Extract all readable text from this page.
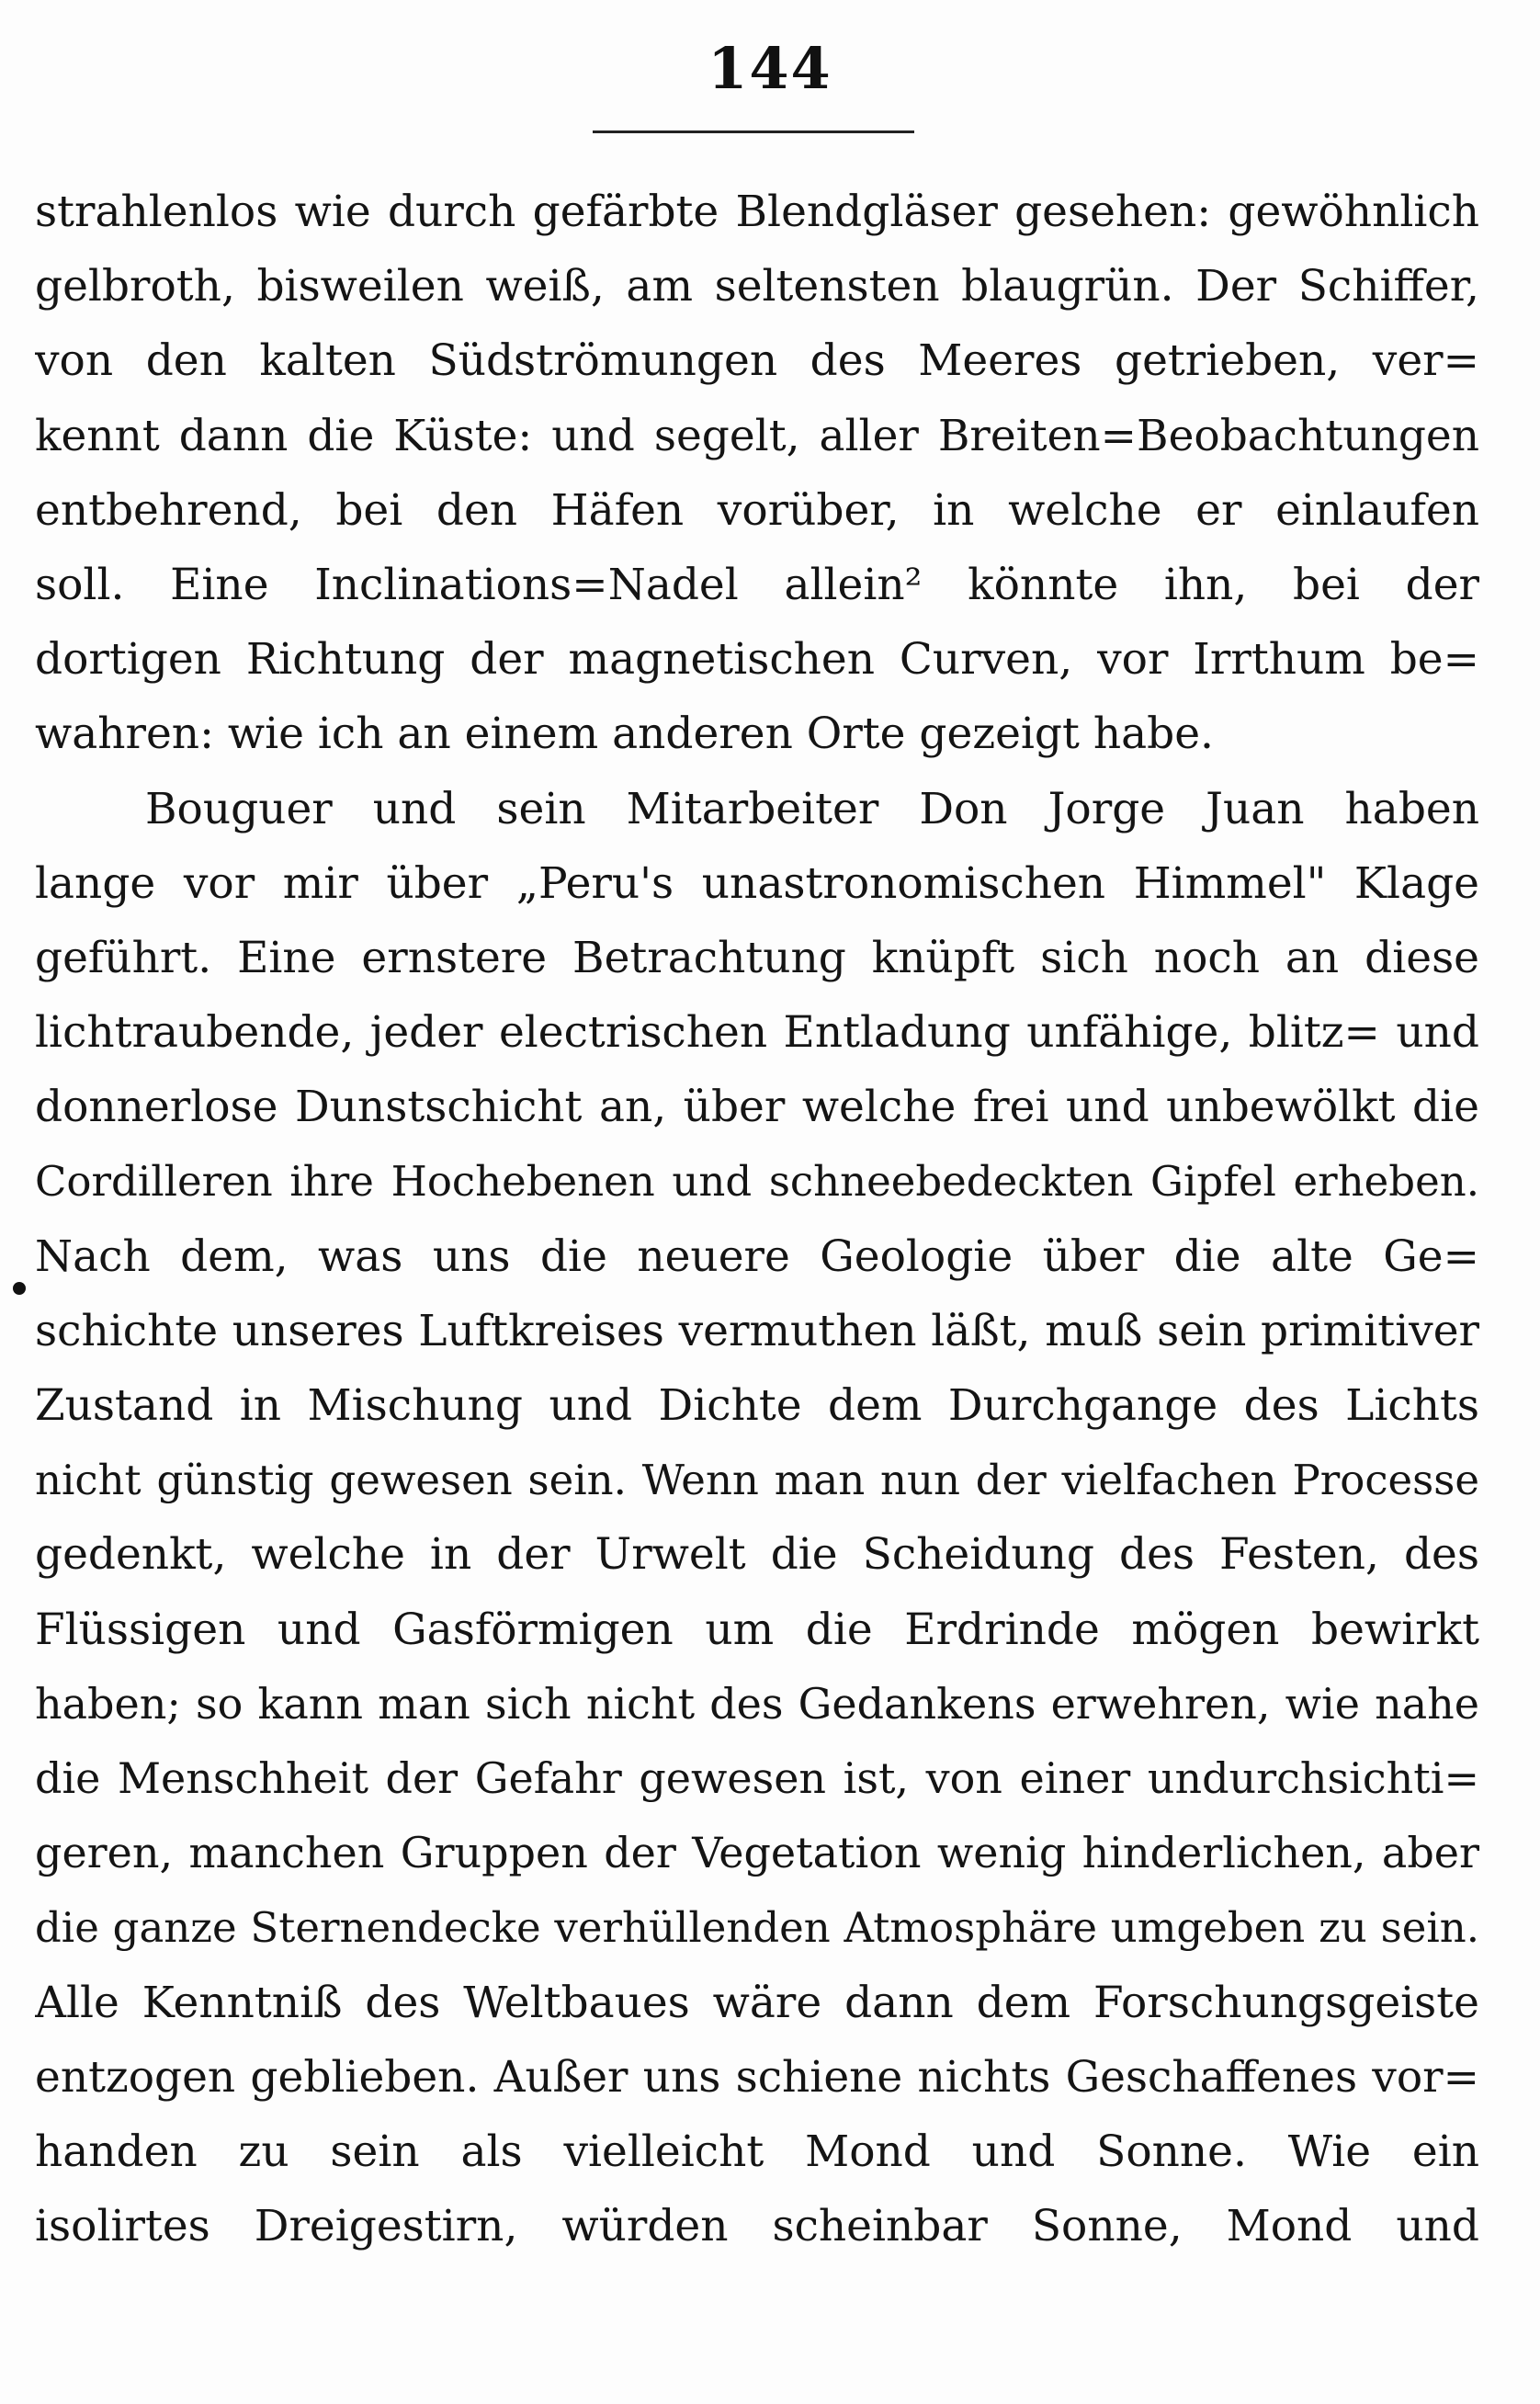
144
strahlenlos wie durch gefärbte Blendgläser gesehen: gewöhnlich
gelbroth, bisweilen weiß, am seltensten blaugrün. Der Schiffer,
von den kalten Südströmungen des Meeres getrieben, ver=
kennt dann die Küste: und segelt, aller Breiten=Beobachtungen
entbehrend, bei den Häfen vorüber, in welche er einlaufen
soll. Eine Inclinations=Nadel allein² könnte ihn, bei der
dortigen Richtung der magnetischen Curven, vor Irrthum be=
wahren: wie ich an einem anderen Orte gezeigt habe.
Bouguer und sein Mitarbeiter Don Jorge Juan haben
lange vor mir über „Peru's unastronomischen Himmel" Klage
geführt. Eine ernstere Betrachtung knüpft sich noch an diese
lichtraubende, jeder electrischen Entladung unfähige, blitz= und
donnerlose Dunstschicht an, über welche frei und unbewölkt die
Cordilleren ihre Hochebenen und schneebedeckten Gipfel erheben.
Nach dem, was uns die neuere Geologie über die alte Ge=
schichte unseres Luftkreises vermuthen läßt, muß sein primitiver
Zustand in Mischung und Dichte dem Durchgange des Lichts
nicht günstig gewesen sein. Wenn man nun der vielfachen Processe
gedenkt, welche in der Urwelt die Scheidung des Festen, des
Flüssigen und Gasförmigen um die Erdrinde mögen bewirkt
haben; so kann man sich nicht des Gedankens erwehren, wie nahe
die Menschheit der Gefahr gewesen ist, von einer undurchsichti=
geren, manchen Gruppen der Vegetation wenig hinderlichen, aber
die ganze Sternendecke verhüllenden Atmosphäre umgeben zu sein.
Alle Kenntniß des Weltbaues wäre dann dem Forschungsgeiste
entzogen geblieben. Außer uns schiene nichts Geschaffenes vor=
handen zu sein als vielleicht Mond und Sonne. Wie ein
isolirtes Dreigestirn, würden scheinbar Sonne, Mond und
